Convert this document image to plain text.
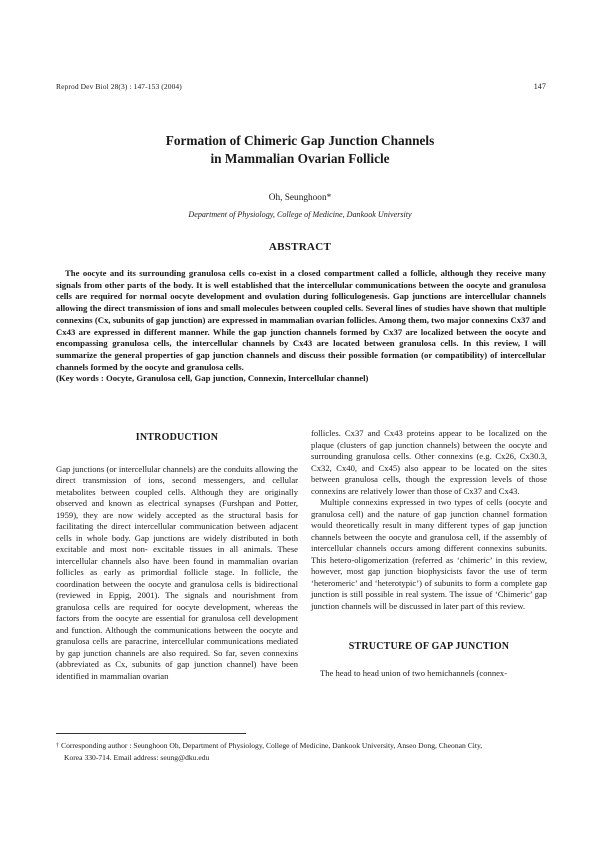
Reprod Dev Biol 28(3) : 147-153 (2004)	147
Formation of Chimeric Gap Junction Channels
in Mammalian Ovarian Follicle
Oh, Seunghoon*
Department of Physiology, College of Medicine, Dankook University
ABSTRACT

The oocyte and its surrounding granulosa cells co-exist in a closed compartment called a follicle, although they receive many signals from other parts of the body. It is well established that the intercellular communications between the oocyte and granulosa cells are required for normal oocyte development and ovulation during folliculogenesis. Gap junctions are intercellular channels allowing the direct transmission of ions and small molecules between coupled cells. Several lines of studies have shown that multiple connexins (Cx, subunits of gap junction) are expressed in mammalian ovarian follicles. Among them, two major connexins Cx37 and Cx43 are expressed in different manner. While the gap junction channels formed by Cx37 are localized between the oocyte and encompassing granulosa cells, the intercellular channels by Cx43 are located between granulosa cells. In this review, I will summarize the general properties of gap junction channels and discuss their possible formation (or compatibility) of intercellular channels formed by the oocyte and granulosa cells.

(Key words : Oocyte, Granulosa cell, Gap junction, Connexin, Intercellular channel)

INTRODUCTION

Gap junctions (or intercellular channels) are the conduits allowing the direct transmission of ions, second messengers, and cellular metabolites between coupled cells. Although they are originally observed and known as electrical synapses (Furshpan and Potter, 1959), they are now widely accepted as the structural basis for facilitating the direct intercellular communication between adjacent cells in whole body. Gap junctions are widely distributed in both excitable and most non- excitable tissues in all animals. These intercellular channels also have been found in mammalian ovarian follicles as early as primordial follicle stage. In follicle, the coordination between the oocyte and granulosa cells is bidirectional (reviewed in Eppig, 2001). The signals and nourishment from granulosa cells are required for oocyte development, whereas the factors from the oocyte are essential for granulosa cell development and function. Although the communications between the oocyte and granulosa cells are paracrine, intercellular communications mediated by gap junction channels are also required. So far, seven connexins (abbreviated as Cx, subunits of gap junction channel) have been identified in mammalian ovarian

follicles. Cx37 and Cx43 proteins appear to be localized on the plaque (clusters of gap junction channels) between the oocyte and surrounding granulosa cells. Other connexins (e.g. Cx26, Cx30.3, Cx32, Cx40, and Cx45) also appear to be located on the sites between granulosa cells, though the expression levels of those connexins are relatively lower than those of Cx37 and Cx43.

Multiple connexins expressed in two types of cells (oocyte and granulosa cell) and the nature of gap junction channel formation would theoretically result in many different types of gap junction channels between the oocyte and granulosa cell, if the assembly of intercellular channels occurs among different connexins subunits. This hetero-oligomerization (referred as ‘chimeric’ in this review, however, most gap junction biophysicists favor the use of term ‘heteromeric’ and ‘heterotypic’) of subunits to form a complete gap junction is still possible in real system. The issue of ‘Chimeric’ gap junction channels will be discussed in later part of this review.

STRUCTURE OF GAP JUNCTION

The head to head union of two hemichannels (connex-

† Corresponding author : Seunghoon Oh, Department of Physiology, College of Medicine, Dankook University, Anseo Dong, Cheonan City,
Korea 330-714. Email address: seung@dku.edu
